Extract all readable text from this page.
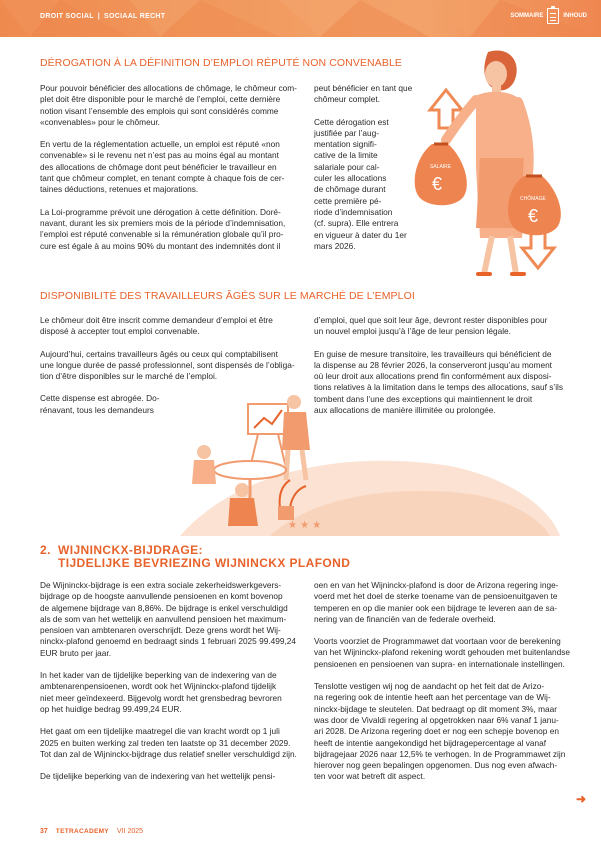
DROIT SOCIAL | SOCIAAL RECHT	SOMMAIRE	INHOUD
DÉROGATION À LA DÉFINITION D’EMPLOI RÉPUTÉ NON CONVENABLE

Pour pouvoir bénéficier des allocations de chômage, le chômeur com-
plet doit être disponible pour le marché de l’emploi, cette dernière
notion visant l’ensemble des emplois qui sont considérés comme
«convenables» pour le chômeur.

En vertu de la réglementation actuelle, un emploi est réputé «non
convenable» si le revenu net n’est pas au moins égal au montant
des allocations de chômage dont peut bénéficier le travailleur en
tant que chômeur complet, en tenant compte à chaque fois de cer-
taines déductions, retenues et majorations.

La Loi-programme prévoit une dérogation à cette définition. Doré-
navant, durant les six premiers mois de la période d’indemnisation,
l’emploi est réputé convenable si la rémunération globale qu’il pro-
cure est égale à au moins 90% du montant des indemnités dont il

peut bénéficier en tant que
chômeur complet.

Cette dérogation est
justifiée par l’aug-
mentation signifi-
cative de la limite
salariale pour cal-
culer les allocations
de chômage durant
cette première pé-
riode d’indemnisation
(cf. supra). Elle entrera
en vigueur à dater du 1er
mars 2026.

SALAIRE
€
CHÔMAGE
€
DISPONIBILITÉ DES TRAVAILLEURS ÂGÉS SUR LE MARCHÉ DE L’EMPLOI

Le chômeur doit être inscrit comme demandeur d’emploi et être
disposé à accepter tout emploi convenable.

Aujourd’hui, certains travailleurs âgés ou ceux qui comptabilisent
une longue durée de passé professionnel, sont dispensés de l’obliga-
tion d’être disponibles sur le marché de l’emploi.

Cette dispense est abrogée. Do-
rénavant, tous les demandeurs

d’emploi, quel que soit leur âge, devront rester disponibles pour
un nouvel emploi jusqu’à l’âge de leur pension légale.

En guise de mesure transitoire, les travailleurs qui bénéficient de
la dispense au 28 février 2026, la conserveront jusqu’au moment
où leur droit aux allocations prend fin conformément aux disposi-
tions relatives à la limitation dans le temps des allocations, sauf s’ils
tombent dans l’une des exceptions qui maintiennent le droit
aux allocations de manière illimitée ou prolongée.

★ ★ ★
2. WIJNINCKX-BIJDRAGE:
TIJDELIJKE BEVRIEZING WIJNINCKX PLAFOND

De Wijninckx-bijdrage is een extra sociale zekerheidswerkgevers-
bijdrage op de hoogste aanvullende pensioenen en komt bovenop
de algemene bijdrage van 8,86%. De bijdrage is enkel verschuldigd
als de som van het wettelijk en aanvullend pensioen het maximum-
pensioen van ambtenaren overschrijdt. Deze grens wordt het Wij-
ninckx-plafond genoemd en bedraagt sinds 1 februari 2025 99.499,24
EUR bruto per jaar.

In het kader van de tijdelijke beperking van de indexering van de
ambtenarenpensioenen, wordt ook het Wijninckx-plafond tijdelijk
niet meer geïndexeerd. Bijgevolg wordt het grensbedrag bevroren
op het huidige bedrag 99.499,24 EUR.

Het gaat om een tijdelijke maatregel die van kracht wordt op 1 juli
2025 en buiten werking zal treden ten laatste op 31 december 2029.
Tot dan zal de Wijninckx-bijdrage dus relatief sneller verschuldigd zijn.

De tijdelijke beperking van de indexering van het wettelijk pensi-

oen en van het Wijninckx-plafond is door de Arizona regering inge-
voerd met het doel de sterke toename van de pensioenuitgaven te
temperen en op die manier ook een bijdrage te leveren aan de sa-
nering van de financiën van de federale overheid.

Voorts voorziet de Programmawet dat voortaan voor de berekening
van het Wijninckx-plafond rekening wordt gehouden met buitenlandse
pensioenen en pensioenen van supra- en internationale instellingen.

Tenslotte vestigen wij nog de aandacht op het feit dat de Arizo-
na regering ook de intentie heeft aan het percentage van de Wij-
ninckx-bijdage te sleutelen. Dat bedraagt op dit moment 3%, maar
was door de Vivaldi regering al opgetrokken naar 6% vanaf 1 janu-
ari 2028. De Arizona regering doet er nog een schepje bovenop en
heeft de intentie aangekondigd het bijdragepercentage al vanaf
bijdragejaar 2026 naar 12,5% te verhogen. In de Programmawet zijn
hierover nog geen bepalingen opgenomen. Dus nog even afwach-
ten voor wat betreft dit aspect.

➜
37 TETRACADEMY VII 2025
